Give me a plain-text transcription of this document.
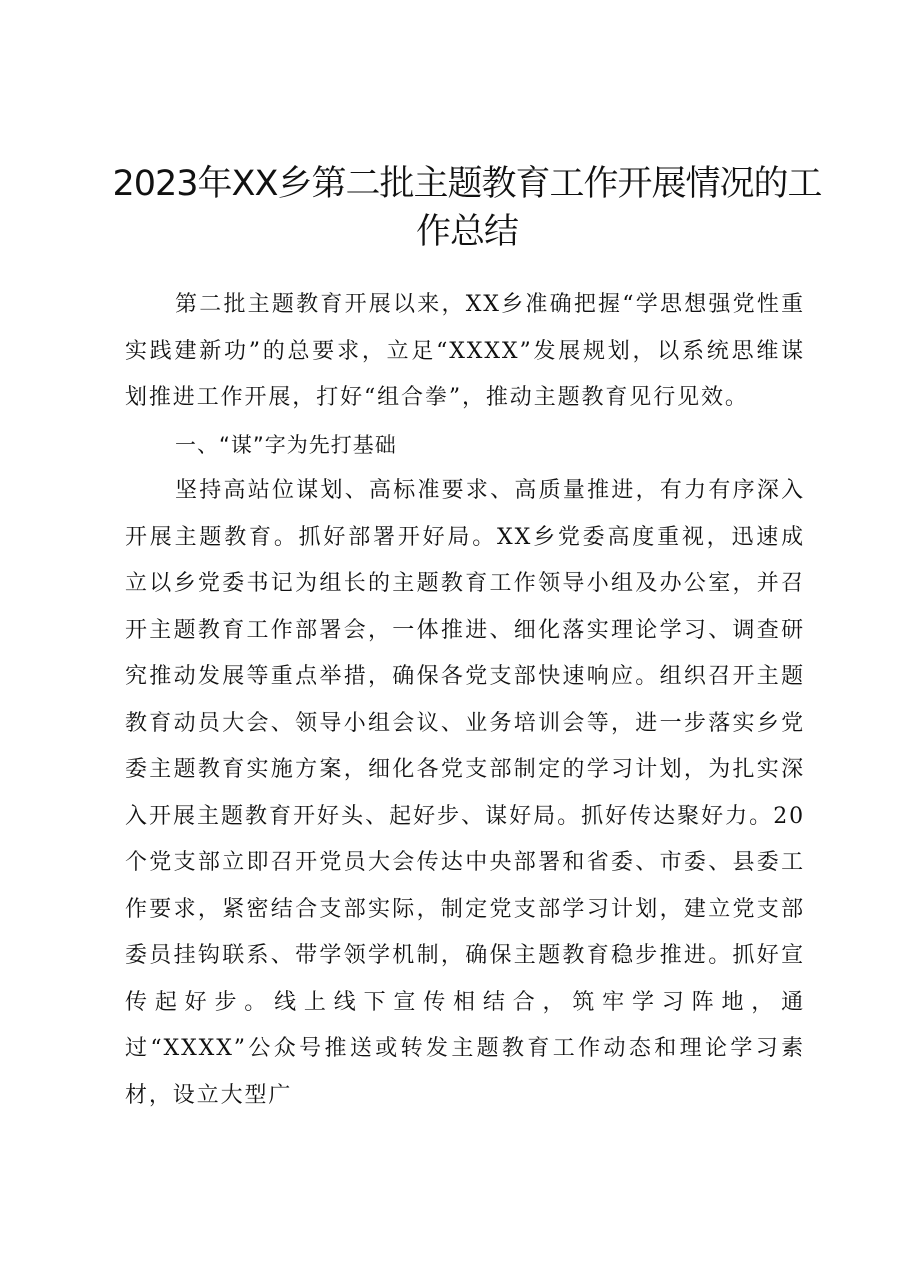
2023年XX乡第二批主题教育工作开展情况的工作总结

第二批主题教育开展以来，XX乡准确把握“学思想强党性重实践建新功”的总要求，立足“XXXX”发展规划，以系统思维谋划推进工作开展，打好“组合拳”，推动主题教育见行见效。

一、“谋”字为先打基础

坚持高站位谋划、高标准要求、高质量推进，有力有序深入开展主题教育。抓好部署开好局。XX乡党委高度重视，迅速成立以乡党委书记为组长的主题教育工作领导小组及办公室，并召开主题教育工作部署会，一体推进、细化落实理论学习、调查研究推动发展等重点举措，确保各党支部快速响应。组织召开主题教育动员大会、领导小组会议、业务培训会等，进一步落实乡党委主题教育实施方案，细化各党支部制定的学习计划，为扎实深入开展主题教育开好头、起好步、谋好局。抓好传达聚好力。20个党支部立即召开党员大会传达中央部署和省委、市委、县委工作要求，紧密结合支部实际，制定党支部学习计划，建立党支部委员挂钩联系、带学领学机制，确保主题教育稳步推进。抓好宣传起好步。线上线下宣传相结合，筑牢学习阵地，通过“XXXX”公众号推送或转发主题教育工作动态和理论学习素材，设立大型广
